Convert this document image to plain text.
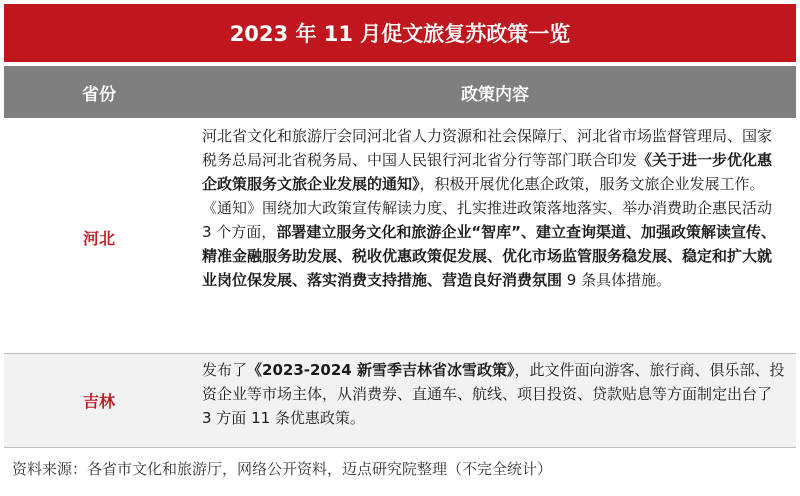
2023 年 11 月促文旅复苏政策一览
省份	政策内容
河北
河北省文化和旅游厅会同河北省人力资源和社会保障厅、河北省市场监督管理局、国家税务总局河北省税务局、中国人民银行河北省分行等部门联合印发《关于进一步优化惠企政策服务文旅企业发展的通知》，积极开展优化惠企政策，服务文旅企业发展工作。《通知》围绕加大政策宣传解读力度、扎实推进政策落地落实、举办消费助企惠民活动 3 个方面，部署建立服务文化和旅游企业“智库”、建立查询渠道、加强政策解读宣传、精准金融服务助发展、税收优惠政策促发展、优化市场监管服务稳发展、稳定和扩大就业岗位保发展、落实消费支持措施、营造良好消费氛围 9 条具体措施。
吉林
发布了《2023-2024 新雪季吉林省冰雪政策》，此文件面向游客、旅行商、俱乐部、投资企业等市场主体，从消费券、直通车、航线、项目投资、贷款贴息等方面制定出台了 3 方面 11 条优惠政策。
资料来源：各省市文化和旅游厅，网络公开资料，迈点研究院整理（不完全统计）
